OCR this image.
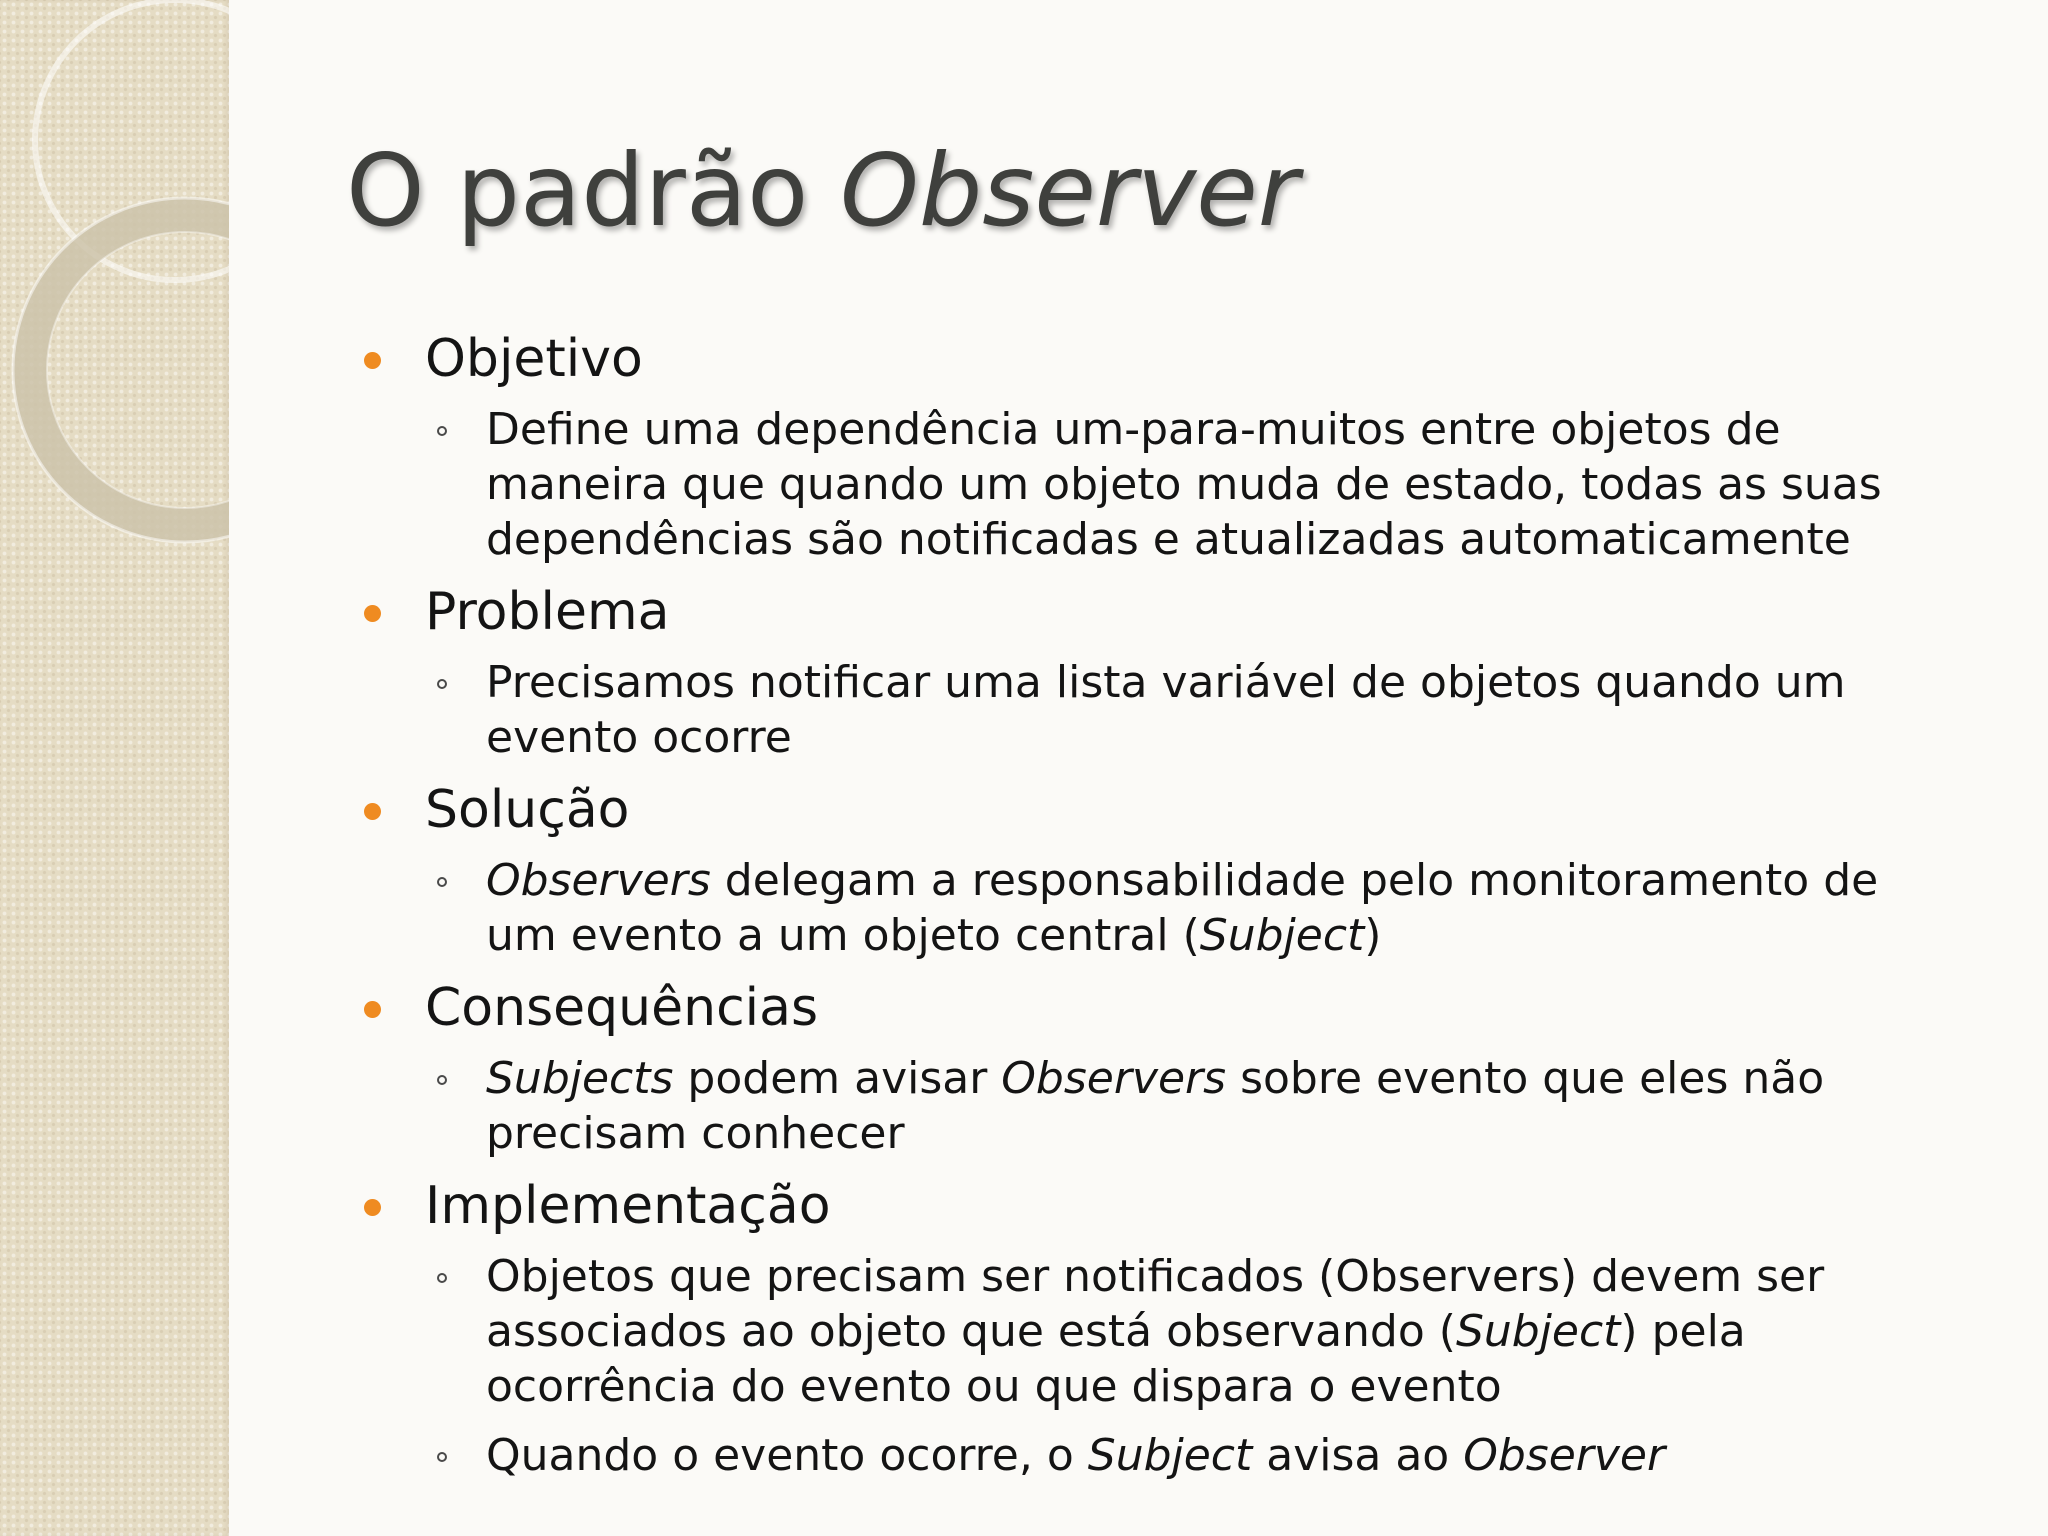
O padrão Observer
Objetivo
Define uma dependência um-para-muitos entre objetos de
maneira que quando um objeto muda de estado, todas as suas
dependências são notificadas e atualizadas automaticamente
Problema
Precisamos notificar uma lista variável de objetos quando um
evento ocorre
Solução
Observers delegam a responsabilidade pelo monitoramento de
um evento a um objeto central (Subject)
Consequências
Subjects podem avisar Observers sobre evento que eles não
precisam conhecer
Implementação
Objetos que precisam ser notificados (Observers) devem ser
associados ao objeto que está observando (Subject) pela
ocorrência do evento ou que dispara o evento
Quando o evento ocorre, o Subject avisa ao Observer
